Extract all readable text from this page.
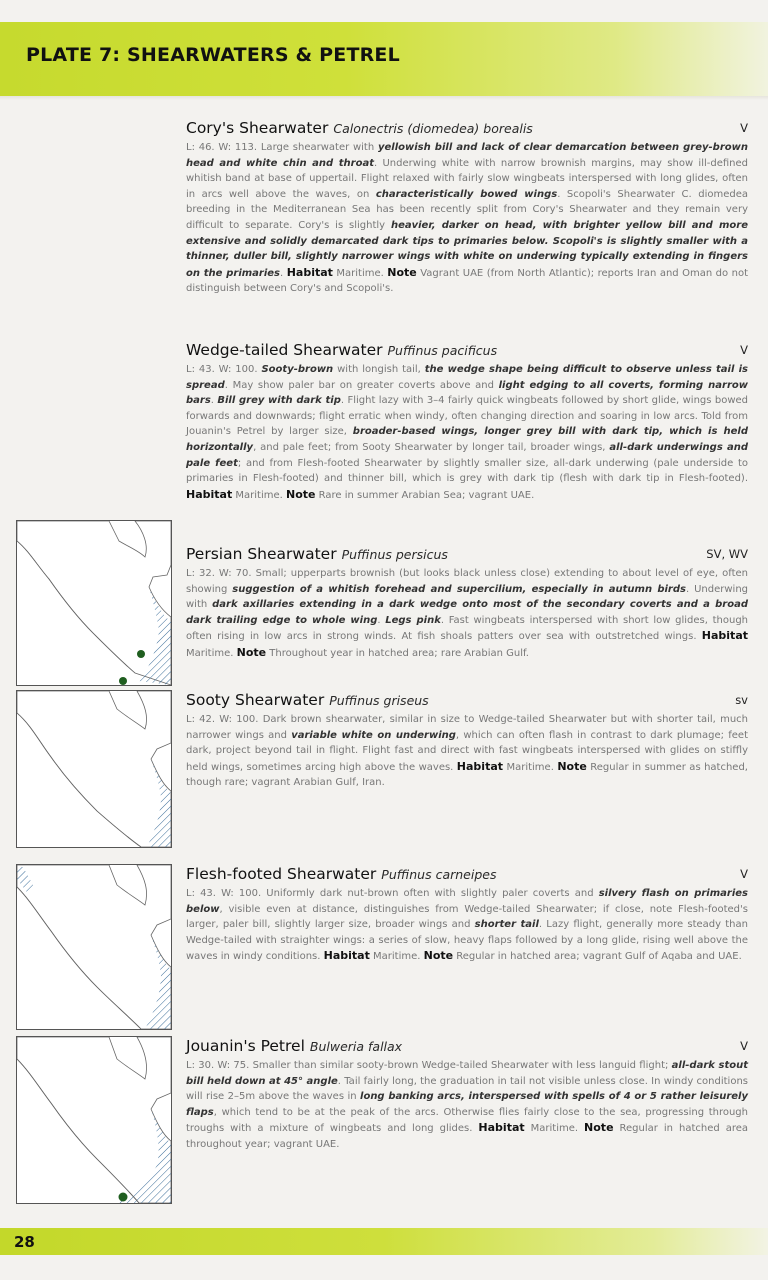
PLATE 7: SHEARWATERS & PETREL
Cory's Shearwater Calonectris (diomedea) borealis	V

L: 46. W: 113. Large shearwater with yellowish bill and lack of clear demarcation between grey-brown head and white chin and throat. Underwing white with narrow brownish margins, may show ill-defined whitish band at base of uppertail. Flight relaxed with fairly slow wingbeats interspersed with long glides, often in arcs well above the waves, on characteristically bowed wings. Scopoli's Shearwater C. diomedea breeding in the Mediterranean Sea has been recently split from Cory's Shearwater and they remain very difficult to separate. Cory's is slightly heavier, darker on head, with brighter yellow bill and more extensive and solidly demarcated dark tips to primaries below. Scopoli's is slightly smaller with a thinner, duller bill, slightly narrower wings with white on underwing typically extending in fingers on the primaries. Habitat Maritime. Note Vagrant UAE (from North Atlantic); reports Iran and Oman do not distinguish between Cory's and Scopoli's.

Wedge-tailed Shearwater Puffinus pacificus	V

L: 43. W: 100. Sooty-brown with longish tail, the wedge shape being difficult to observe unless tail is spread. May show paler bar on greater coverts above and light edging to all coverts, forming narrow bars. Bill grey with dark tip. Flight lazy with 3–4 fairly quick wingbeats followed by short glide, wings bowed forwards and downwards; flight erratic when windy, often changing direction and soaring in low arcs. Told from Jouanin's Petrel by larger size, broader-based wings, longer grey bill with dark tip, which is held horizontally, and pale feet; from Sooty Shearwater by longer tail, broader wings, all-dark underwings and pale feet; and from Flesh-footed Shearwater by slightly smaller size, all-dark underwing (pale underside to primaries in Flesh-footed) and thinner bill, which is grey with dark tip (flesh with dark tip in Flesh-footed). Habitat Maritime. Note Rare in summer Arabian Sea; vagrant UAE.

Persian Shearwater Puffinus persicus	SV, WV

L: 32. W: 70. Small; upperparts brownish (but looks black unless close) extending to about level of eye, often showing suggestion of a whitish forehead and supercilium, especially in autumn birds. Underwing with dark axillaries extending in a dark wedge onto most of the secondary coverts and a broad dark trailing edge to whole wing. Legs pink. Fast wingbeats interspersed with short low glides, though often rising in low arcs in strong winds. At fish shoals patters over sea with outstretched wings. Habitat Maritime. Note Throughout year in hatched area; rare Arabian Gulf.

Sooty Shearwater Puffinus griseus	sv

L: 42. W: 100. Dark brown shearwater, similar in size to Wedge-tailed Shearwater but with shorter tail, much narrower wings and variable white on underwing, which can often flash in contrast to dark plumage; feet dark, project beyond tail in flight. Flight fast and direct with fast wingbeats interspersed with glides on stiffly held wings, sometimes arcing high above the waves. Habitat Maritime. Note Regular in summer as hatched, though rare; vagrant Arabian Gulf, Iran.

Flesh-footed Shearwater Puffinus carneipes	V

L: 43. W: 100. Uniformly dark nut-brown often with slightly paler coverts and silvery flash on primaries below, visible even at distance, distinguishes from Wedge-tailed Shearwater; if close, note Flesh-footed's larger, paler bill, slightly larger size, broader wings and shorter tail. Lazy flight, generally more steady than Wedge-tailed with straighter wings: a series of slow, heavy flaps followed by a long glide, rising well above the waves in windy conditions. Habitat Maritime. Note Regular in hatched area; vagrant Gulf of Aqaba and UAE.

Jouanin's Petrel Bulweria fallax	V

L: 30. W: 75. Smaller than similar sooty-brown Wedge-tailed Shearwater with less languid flight; all-dark stout bill held down at 45° angle. Tail fairly long, the graduation in tail not visible unless close. In windy conditions will rise 2–5m above the waves in long banking arcs, interspersed with spells of 4 or 5 rather leisurely flaps, which tend to be at the peak of the arcs. Otherwise flies fairly close to the sea, progressing through troughs with a mixture of wingbeats and long glides. Habitat Maritime. Note Regular in hatched area throughout year; vagrant UAE.

28
